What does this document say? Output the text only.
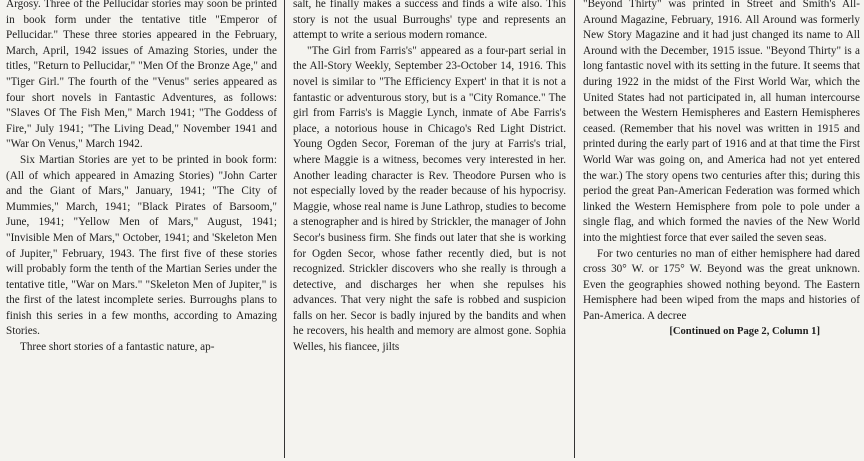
Argosy. Three of the Pellucidar stories may soon be printed in book form under the tentative title "Emperor of Pellucidar." These three stories appeared in the February, March, April, 1942 issues of Amazing Stories, under the titles, "Return to Pellucidar," "Men Of the Bronze Age," and "Tiger Girl." The fourth of the "Venus" series appeared as four short novels in Fantastic Adventures, as follows: "Slaves Of The Fish Men," March 1941; "The Goddess of Fire," July 1941; "The Living Dead," November 1941 and "War On Venus," March 1942.

Six Martian Stories are yet to be printed in book form: (All of which appeared in Amazing Stories) "John Carter and the Giant of Mars," January, 1941; "The City of Mummies," March, 1941; "Black Pirates of Barsoom," June, 1941; "Yellow Men of Mars," August, 1941; "Invisible Men of Mars," October, 1941; and 'Skeleton Men of Jupiter," February, 1943. The first five of these stories will probably form the tenth of the Martian Series under the tentative title, "War on Mars." "Skeleton Men of Jupiter," is the first of the latest incomplete series. Burroughs plans to finish this series in a few months, according to Amazing Stories.

Three short stories of a fantastic nature, ap-

salt, he finally makes a success and finds a wife also. This story is not the usual Burroughs' type and represents an attempt to write a serious modern romance.

"The Girl from Farris's" appeared as a four-part serial in the All-Story Weekly, September 23-October 14, 1916. This novel is similar to "The Efficiency Expert' in that it is not a fantastic or adventurous story, but is a "City Romance." The girl from Farris's is Maggie Lynch, inmate of Abe Farris's place, a notorious house in Chicago's Red Light District. Young Ogden Secor, Foreman of the jury at Farris's trial, where Maggie is a witness, becomes very interested in her. Another leading character is Rev. Theodore Pursen who is not especially loved by the reader because of his hypocrisy. Maggie, whose real name is June Lathrop, studies to become a stenographer and is hired by Strickler, the manager of John Secor's business firm. She finds out later that she is working for Ogden Secor, whose father recently died, but is not recognized. Strickler discovers who she really is through a detective, and discharges her when she repulses his advances. That very night the safe is robbed and suspicion falls on her. Secor is badly injured by the bandits and when he recovers, his health and memory are almost gone. Sophia Welles, his fiancee, jilts

"Beyond Thirty" was printed in Street and Smith's All-Around Magazine, February, 1916. All Around was formerly New Story Magazine and it had just changed its name to All Around with the December, 1915 issue. "Beyond Thirty" is a long fantastic novel with its setting in the future. It seems that during 1922 in the midst of the First World War, which the United States had not participated in, all human intercourse between the Western Hemispheres and Eastern Hemispheres ceased. (Remember that his novel was written in 1915 and printed during the early part of 1916 and at that time the First World War was going on, and America had not yet entered the war.) The story opens two centuries after this; during this period the great Pan-American Federation was formed which linked the Western Hemisphere from pole to pole under a single flag, and which formed the navies of the New World into the mightiest force that ever sailed the seven seas.

For two centuries no man of either hemisphere had dared cross 30° W. or 175° W. Beyond was the great unknown. Even the geographies showed nothing beyond. The Eastern Hemisphere had been wiped from the maps and histories of Pan-America. A decree

[Continued on Page 2, Column 1]
